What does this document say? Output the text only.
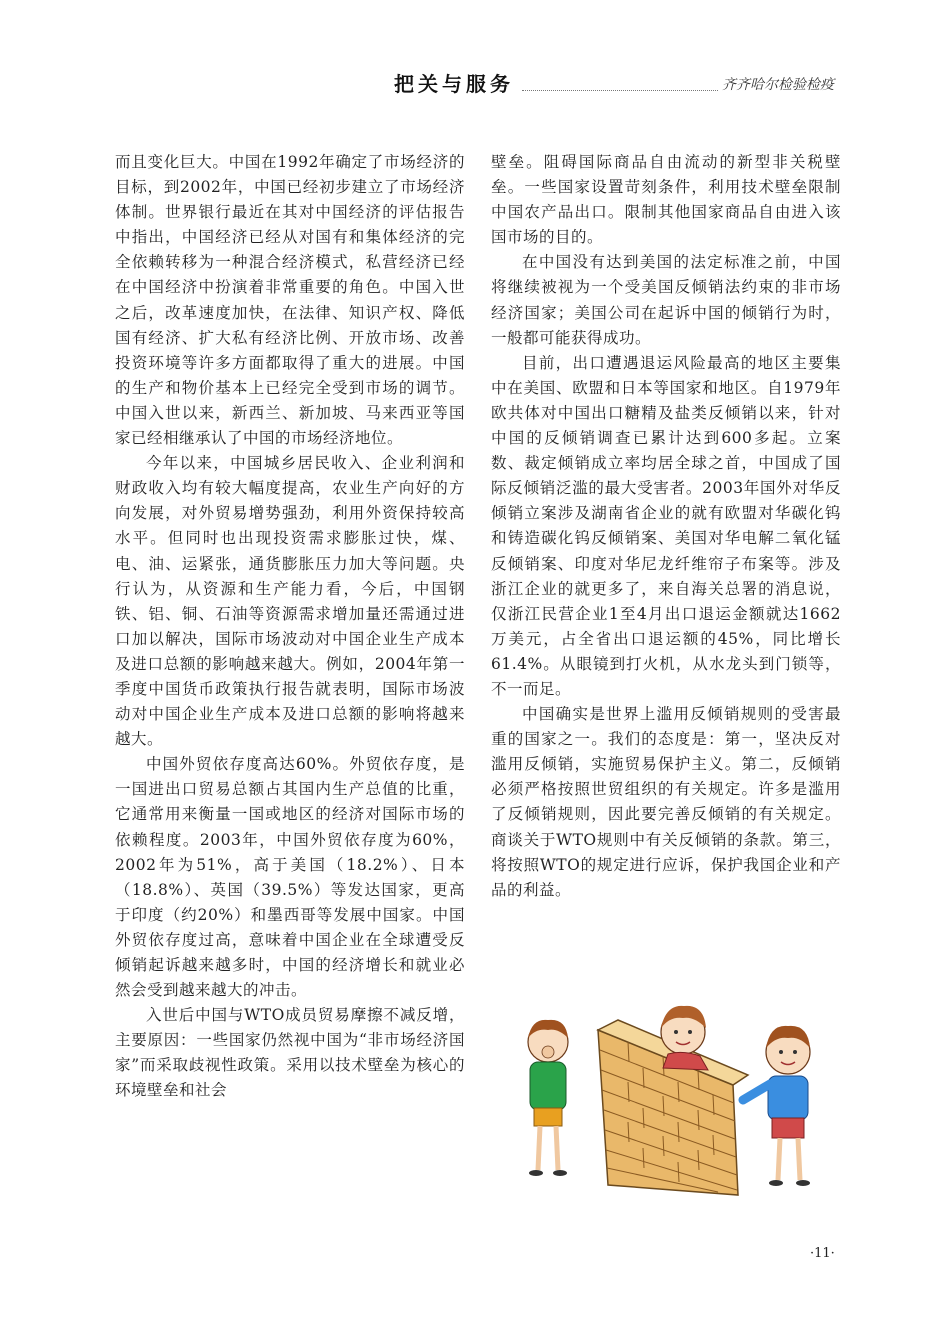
把关与服务	齐齐哈尔检验检疫

而且变化巨大。中国在1992年确定了市场经济的目标，到2002年，中国已经初步建立了市场经济体制。世界银行最近在其对中国经济的评估报告中指出，中国经济已经从对国有和集体经济的完全依赖转移为一种混合经济模式，私营经济已经在中国经济中扮演着非常重要的角色。中国入世之后，改革速度加快，在法律、知识产权、降低国有经济、扩大私有经济比例、开放市场、改善投资环境等许多方面都取得了重大的进展。中国的生产和物价基本上已经完全受到市场的调节。中国入世以来，新西兰、新加坡、马来西亚等国家已经相继承认了中国的市场经济地位。

今年以来，中国城乡居民收入、企业利润和财政收入均有较大幅度提高，农业生产向好的方向发展，对外贸易增势强劲，利用外资保持较高水平。但同时也出现投资需求膨胀过快，煤、电、油、运紧张，通货膨胀压力加大等问题。央行认为，从资源和生产能力看，今后，中国钢铁、铝、铜、石油等资源需求增加量还需通过进口加以解决，国际市场波动对中国企业生产成本及进口总额的影响越来越大。例如，2004年第一季度中国货币政策执行报告就表明，国际市场波动对中国企业生产成本及进口总额的影响将越来越大。

中国外贸依存度高达60%。外贸依存度，是一国进出口贸易总额占其国内生产总值的比重，它通常用来衡量一国或地区的经济对国际市场的依赖程度。2003年，中国外贸依存度为60%，2002年为51%，高于美国（18.2%）、日本（18.8%）、英国（39.5%）等发达国家，更高于印度（约20%）和墨西哥等发展中国家。中国外贸依存度过高，意味着中国企业在全球遭受反倾销起诉越来越多时，中国的经济增长和就业必然会受到越来越大的冲击。

入世后中国与WTO成员贸易摩擦不减反增，主要原因：一些国家仍然视中国为“非市场经济国家”而采取歧视性政策。采用以技术壁垒为核心的环境壁垒和社会

壁垒。阻碍国际商品自由流动的新型非关税壁垒。一些国家设置苛刻条件，利用技术壁垒限制中国农产品出口。限制其他国家商品自由进入该国市场的目的。

在中国没有达到美国的法定标准之前，中国将继续被视为一个受美国反倾销法约束的非市场经济国家；美国公司在起诉中国的倾销行为时，一般都可能获得成功。

目前，出口遭遇退运风险最高的地区主要集中在美国、欧盟和日本等国家和地区。自1979年欧共体对中国出口糖精及盐类反倾销以来，针对中国的反倾销调查已累计达到600多起。立案数、裁定倾销成立率均居全球之首，中国成了国际反倾销泛滥的最大受害者。2003年国外对华反倾销立案涉及湖南省企业的就有欧盟对华碳化钨和铸造碳化钨反倾销案、美国对华电解二氧化锰反倾销案、印度对华尼龙纤维帘子布案等。涉及浙江企业的就更多了，来自海关总署的消息说，仅浙江民营企业1至4月出口退运金额就达1662万美元，占全省出口退运额的45%，同比增长61.4%。从眼镜到打火机，从水龙头到门锁等，不一而足。

中国确实是世界上滥用反倾销规则的受害最重的国家之一。我们的态度是：第一，坚决反对滥用反倾销，实施贸易保护主义。第二，反倾销必须严格按照世贸组织的有关规定。许多是滥用了反倾销规则，因此要完善反倾销的有关规定。商谈关于WTO规则中有关反倾销的条款。第三，将按照WTO的规定进行应诉，保护我国企业和产品的利益。

·11·
